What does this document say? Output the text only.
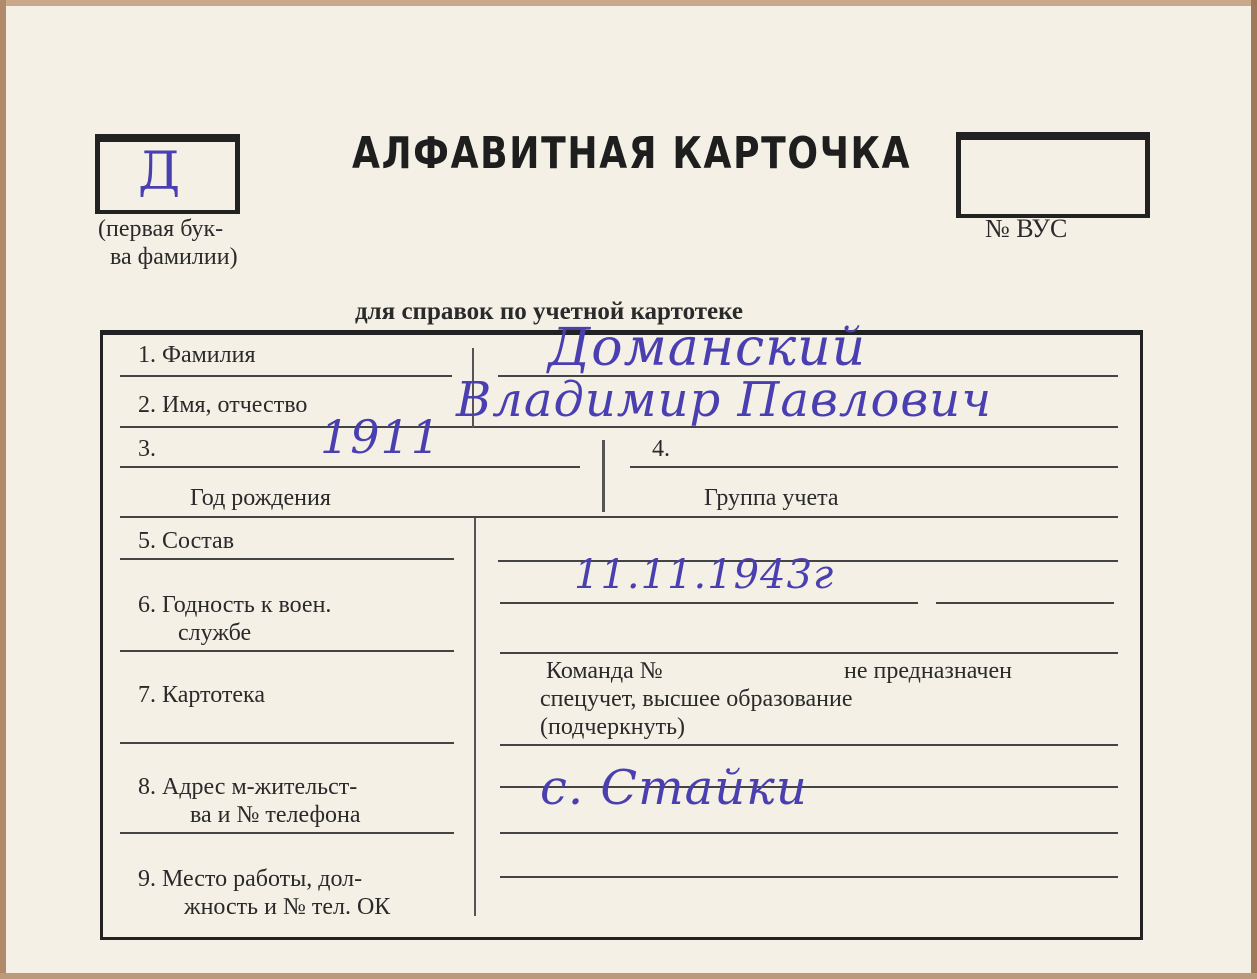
Д
(первая бук-
ва фамилии)
АЛФАВИТНАЯ КАРТОЧКА
№ ВУС
для справок по учетной картотеке
1. Фамилия
2. Имя, отчество
3.
Год рождения
4.
Группа учета
5. Состав
6. Годность к воен.
службе
7. Картотека
8. Адрес м-жительст-
ва и № телефона
9. Место работы, дол-
жность и № тел. ОК
Команда №	не предназначен
спецучет, высшее образование
(подчеркнуть)
Доманский
Владимир Павлович
1911
11.11.1943г
с. Стайки
